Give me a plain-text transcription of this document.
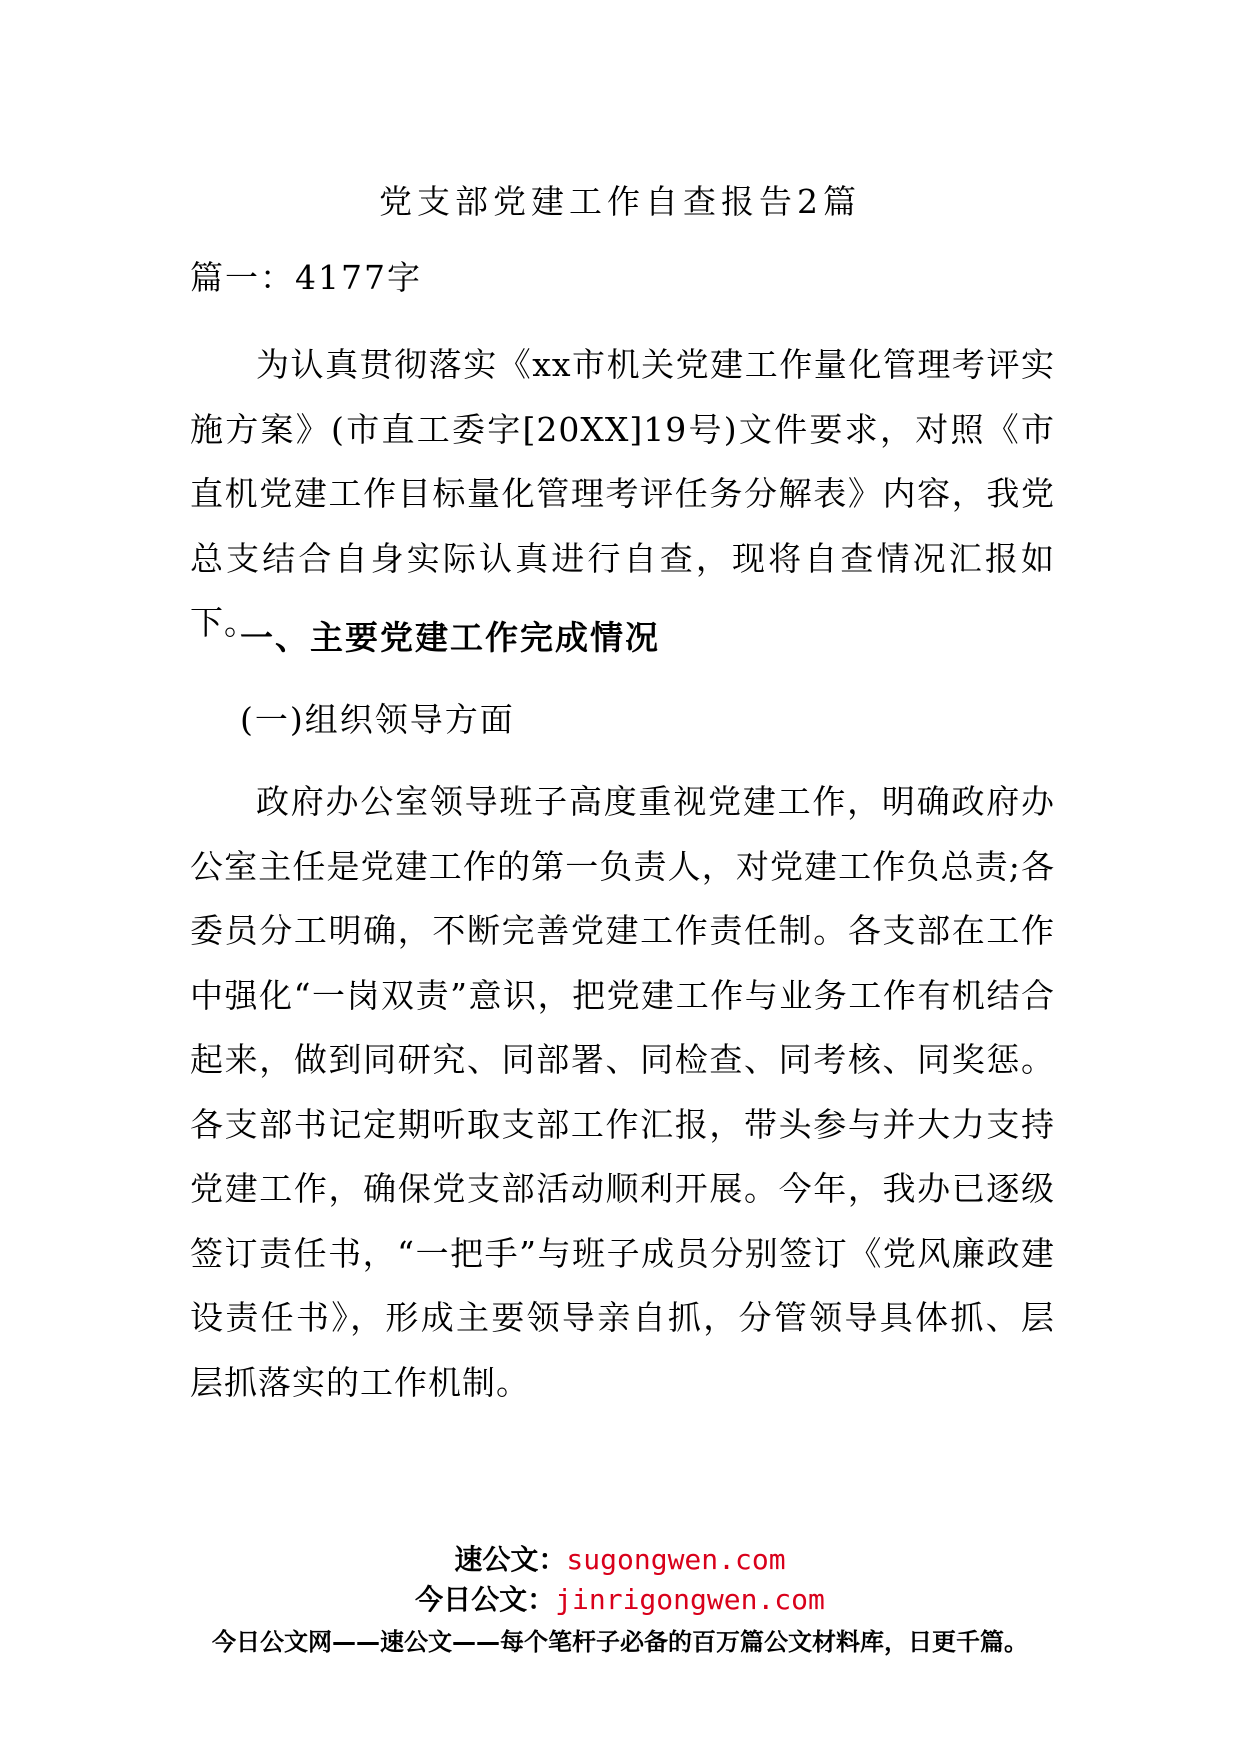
党支部党建工作自查报告2篇
篇一：4177字
为认真贯彻落实《xx市机关党建工作量化管理考评实施方案》(市直工委字[20XX]19号)文件要求，对照《市直机党建工作目标量化管理考评任务分解表》内容，我党总支结合自身实际认真进行自查，现将自查情况汇报如下。
一、主要党建工作完成情况
(一)组织领导方面
政府办公室领导班子高度重视党建工作，明确政府办公室主任是党建工作的第一负责人，对党建工作负总责;各委员分工明确，不断完善党建工作责任制。各支部在工作中强化“一岗双责”意识，把党建工作与业务工作有机结合起来，做到同研究、同部署、同检查、同考核、同奖惩。各支部书记定期听取支部工作汇报，带头参与并大力支持党建工作，确保党支部活动顺利开展。今年，我办已逐级签订责任书，“一把手”与班子成员分别签订《党风廉政建设责任书》，形成主要领导亲自抓，分管领导具体抓、层层抓落实的工作机制。
速公文：sugongwen.com
今日公文：jinrigongwen.com
今日公文网——速公文——每个笔杆子必备的百万篇公文材料库，日更千篇。
